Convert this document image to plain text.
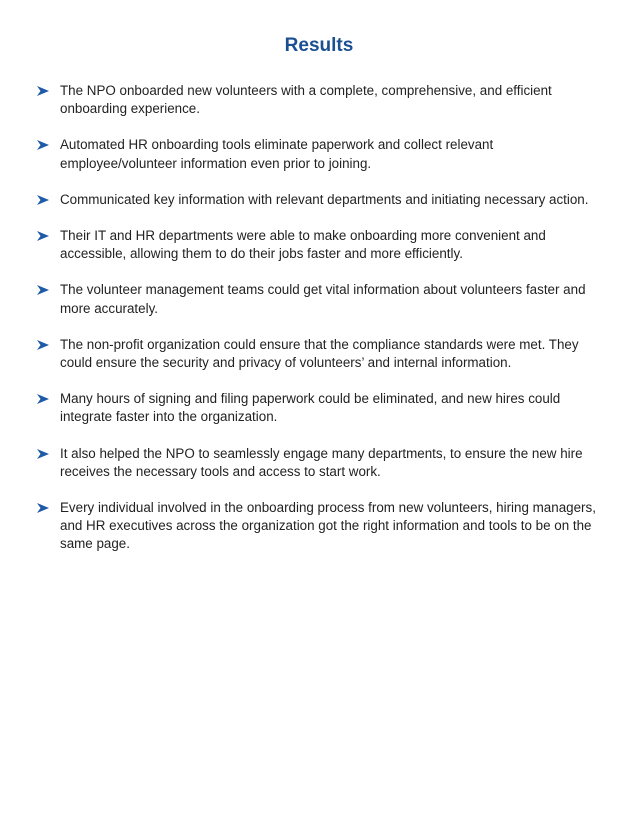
Results
The NPO onboarded new volunteers with a complete, comprehensive, and efficient onboarding experience.
Automated HR onboarding tools eliminate paperwork and collect relevant employee/volunteer information even prior to joining.
Communicated key information with relevant departments and initiating necessary action.
Their IT and HR departments were able to make onboarding more convenient and accessible, allowing them to do their jobs faster and more efficiently.
The volunteer management teams could get vital information about volunteers faster and more accurately.
The non-profit organization could ensure that the compliance standards were met. They could ensure the security and privacy of volunteers’ and internal information.
Many hours of signing and filing paperwork could be eliminated, and new hires could integrate faster into the organization.
It also helped the NPO to seamlessly engage many departments, to ensure the new hire receives the necessary tools and access to start work.
Every individual involved in the onboarding process from new volunteers, hiring managers, and HR executives across the organization got the right information and tools to be on the same page.
